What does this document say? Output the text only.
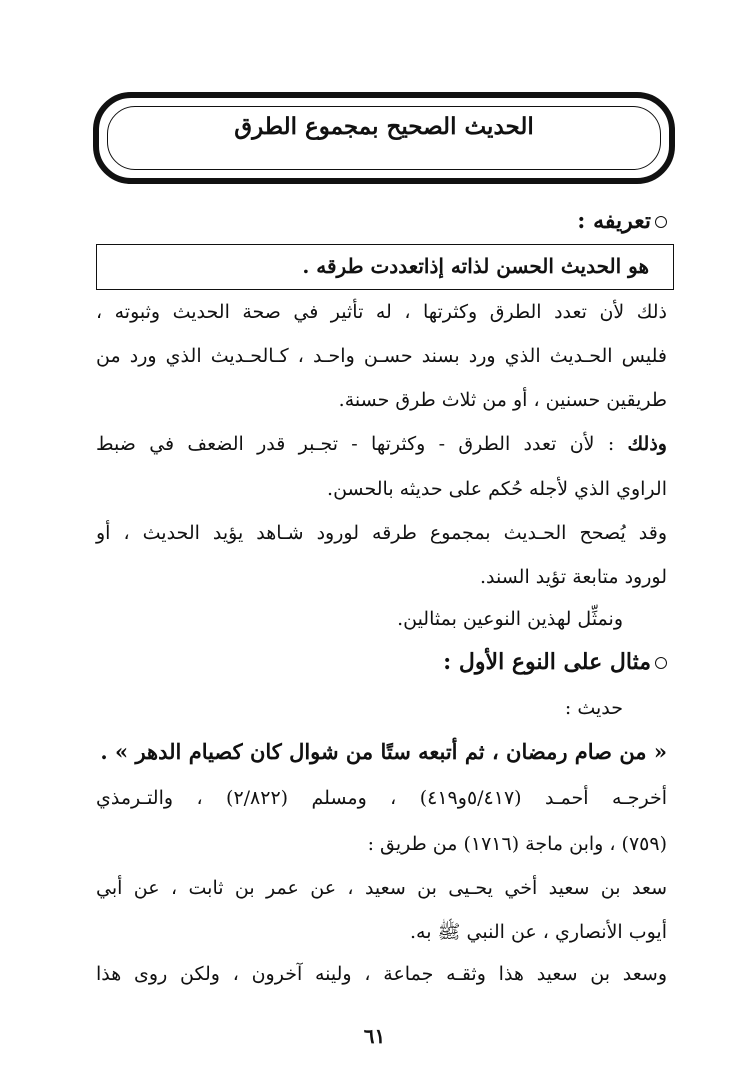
الحديث الصحيح بمجموع الطرق
تعريفه :
هو الحديث الحسن لذاته إذاتعددت طرقه .
ذلك لأن تعدد الطرق وكثرتها ، له تأثير في صحة الحديث وثبوته ،
فليس الحـديث الذي ورد بسند حسـن واحـد ، كـالحـديث الذي ورد من
طريقين حسنين ، أو من ثلاث طرق حسنة.
وذلك : لأن تعدد الطرق - وكثرتها - تجـبر قدر الضعف في ضبط
الراوي الذي لأجله حُكم على حديثه بالحسن.
وقد يُصحح الحـديث بمجموع طرقه لورود شـاهد يؤيد الحديث ، أو
لورود متابعة تؤيد السند.
ونمثِّل لهذين النوعين بمثالين.
مثال على النوع الأول :
حديث :
« من صام رمضان ، ثم أتبعه ستًا من شوال كان كصيام الدهر » .
أخرجـه أحمـد (٥/٤١٧و٤١٩) ، ومسلم (٢/٨٢٢) ، والتـرمذي
(٧٥٩) ، وابن ماجة (١٧١٦) من طريق :
سعد بن سعيد أخي يحـيى بن سعيد ، عن عمر بن ثابت ، عن أبي
أيوب الأنصاري ، عن النبي ﷺ به.
وسعد بن سعيد هذا وثقـه جماعة ، ولينه آخرون ، ولكن روى هذا
٦١
